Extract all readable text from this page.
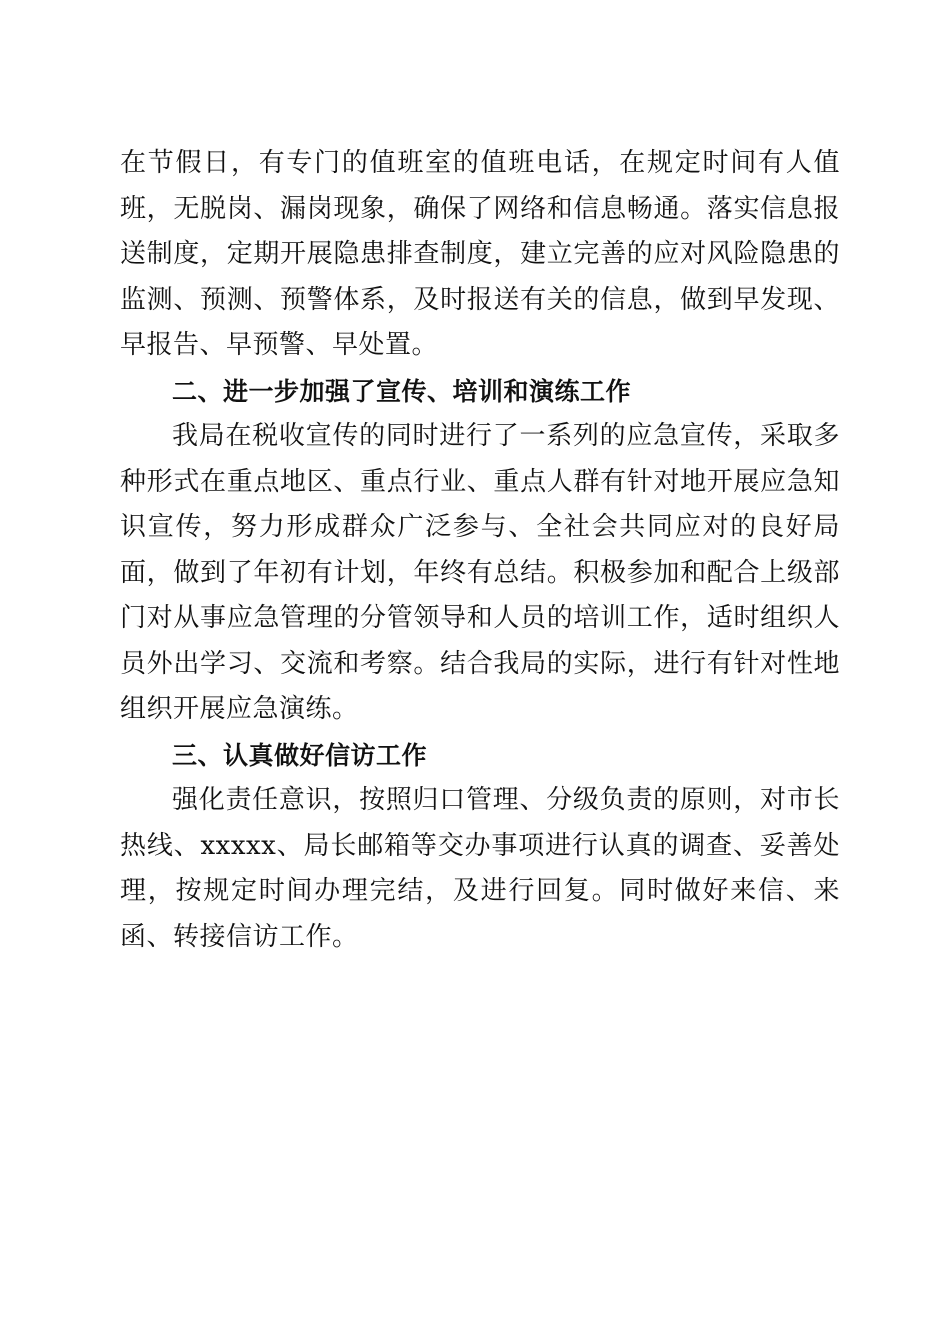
在节假日，有专门的值班室的值班电话，在规定时间有人值班，无脱岗、漏岗现象，确保了网络和信息畅通。落实信息报送制度，定期开展隐患排查制度，建立完善的应对风险隐患的监测、预测、预警体系，及时报送有关的信息，做到早发现、早报告、早预警、早处置。

二、进一步加强了宣传、培训和演练工作

我局在税收宣传的同时进行了一系列的应急宣传，采取多种形式在重点地区、重点行业、重点人群有针对地开展应急知识宣传，努力形成群众广泛参与、全社会共同应对的良好局面，做到了年初有计划，年终有总结。积极参加和配合上级部门对从事应急管理的分管领导和人员的培训工作，适时组织人员外出学习、交流和考察。结合我局的实际，进行有针对性地组织开展应急演练。

三、认真做好信访工作

强化责任意识，按照归口管理、分级负责的原则，对市长热线、xxxxx、局长邮箱等交办事项进行认真的调查、妥善处理，按规定时间办理完结，及进行回复。同时做好来信、来函、转接信访工作。
